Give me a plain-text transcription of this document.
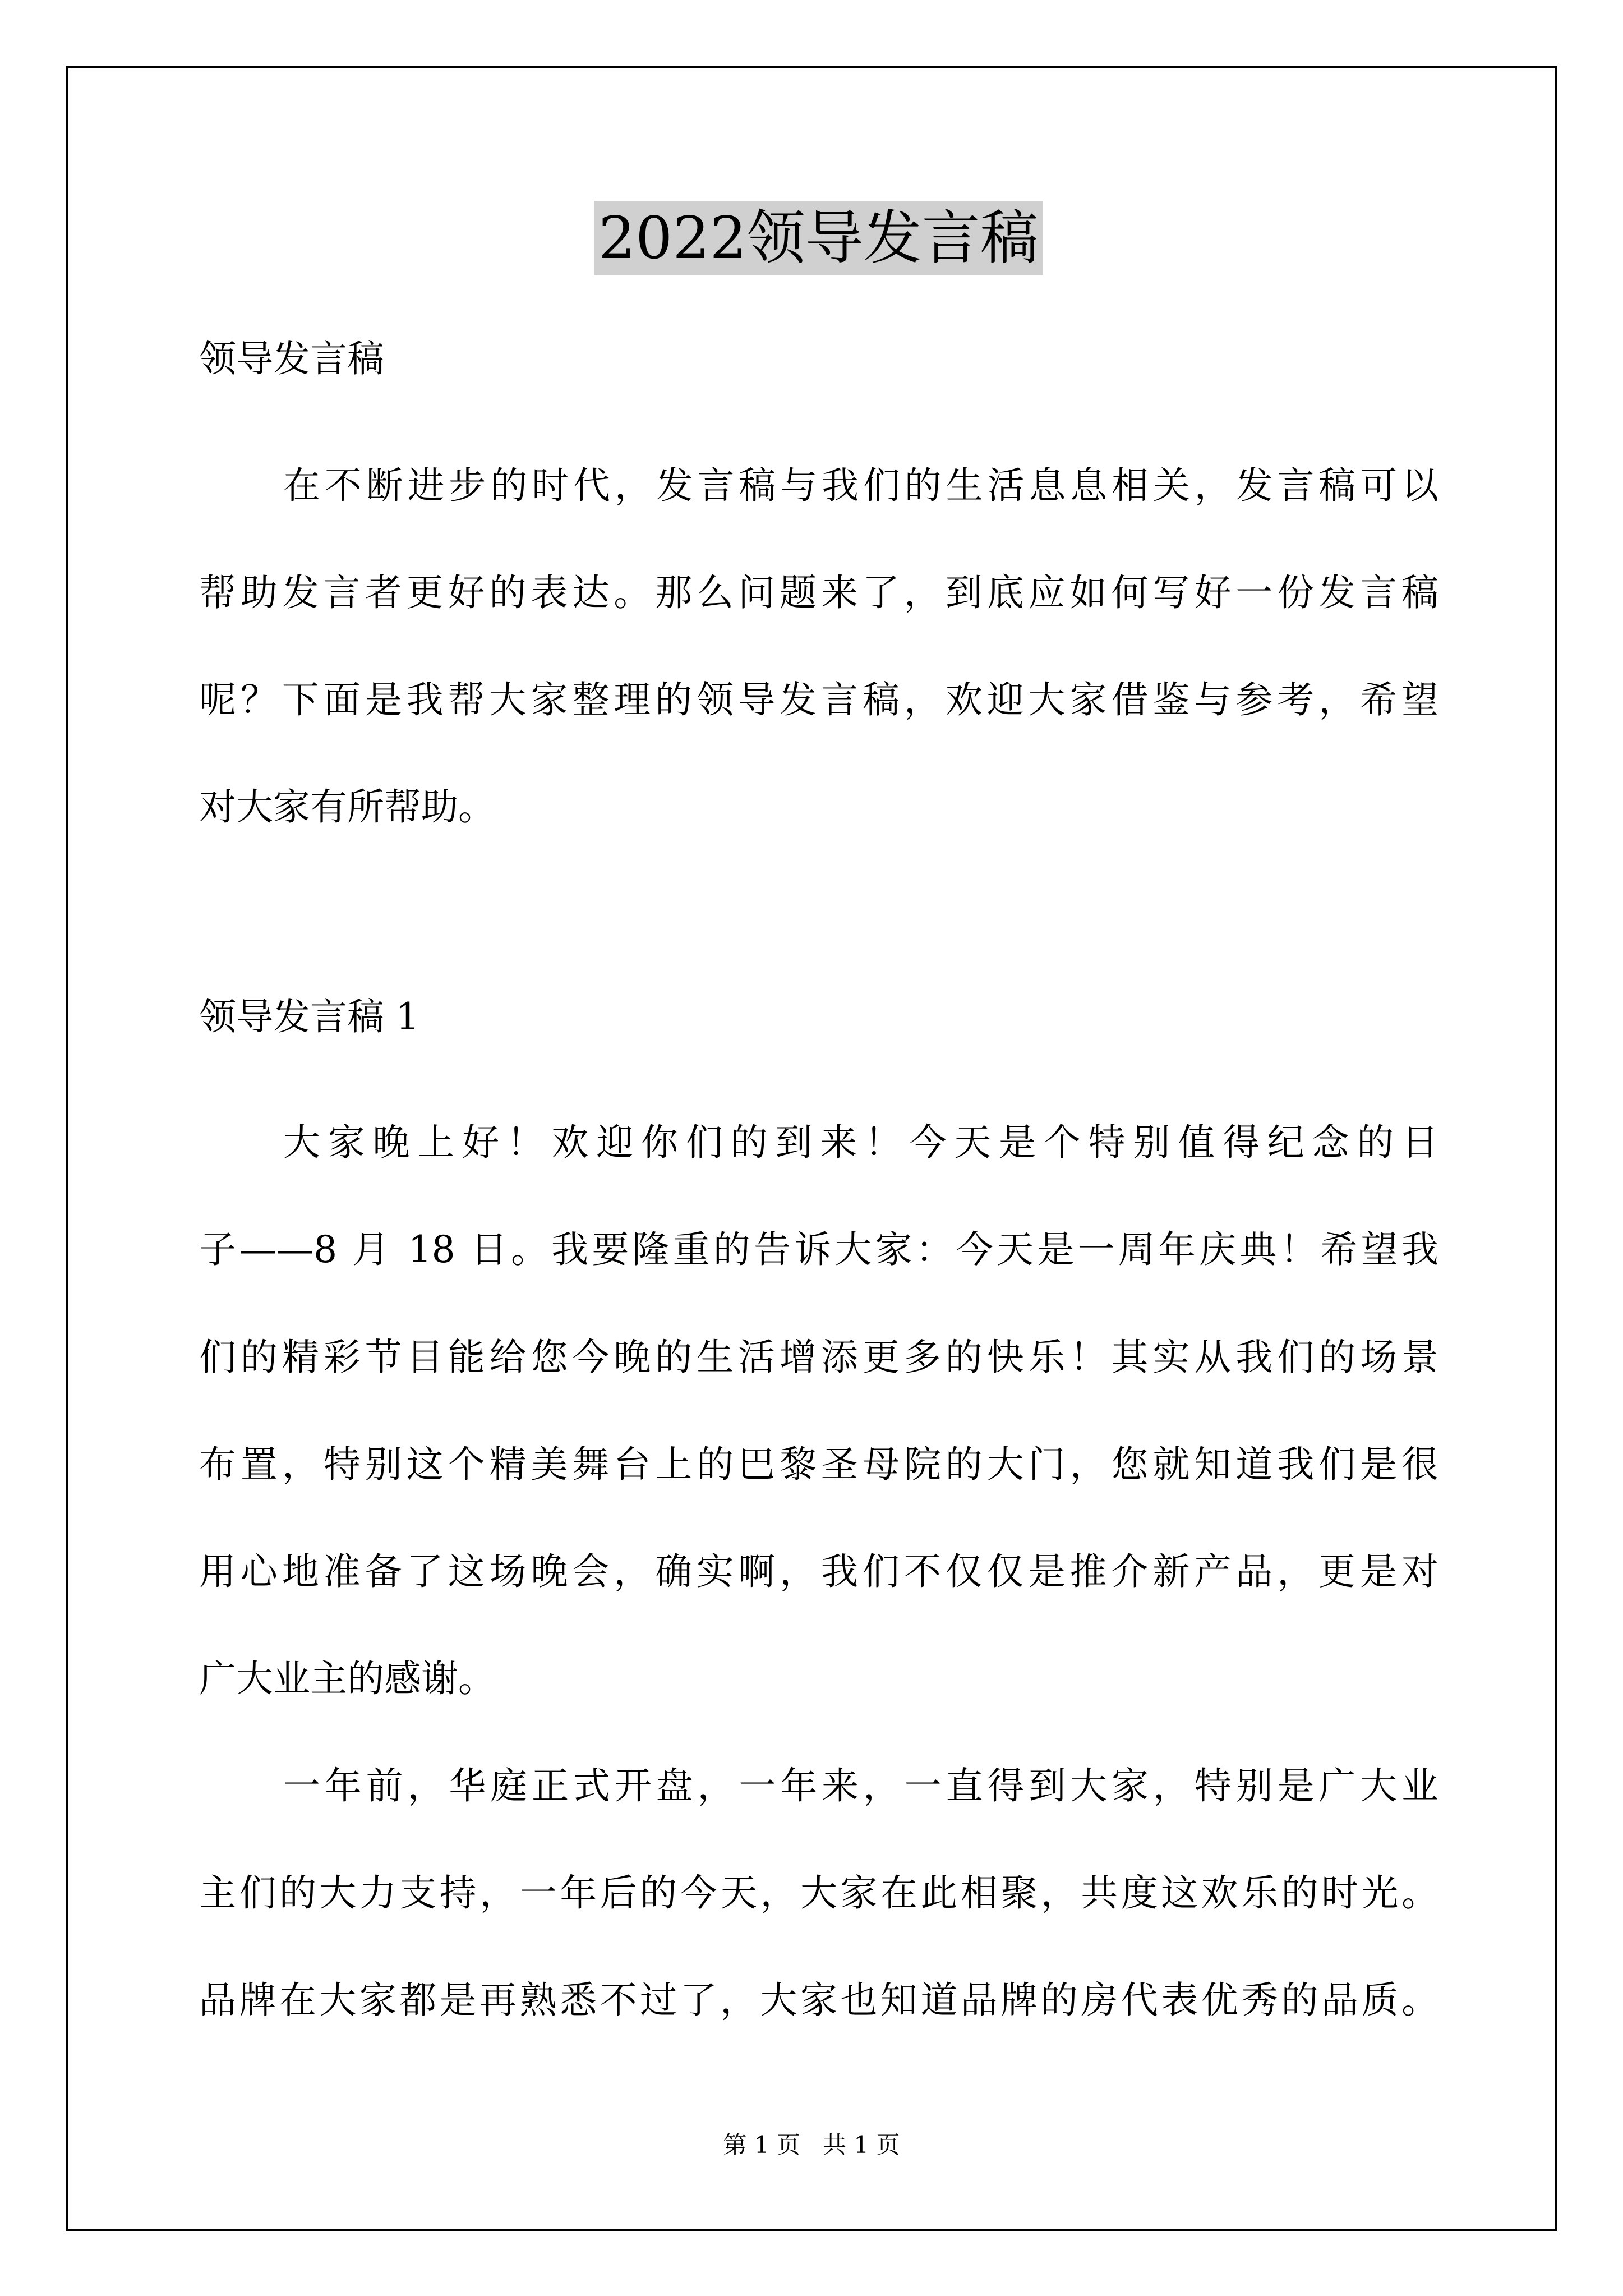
2022领导发言稿
领导发言稿
在不断进步的时代，发言稿与我们的生活息息相关，发言稿可以
帮助发言者更好的表达。那么问题来了，到底应如何写好一份发言稿
呢？下面是我帮大家整理的领导发言稿，欢迎大家借鉴与参考，希望
对大家有所帮助。
领导发言稿 1
大家晚上好！欢迎你们的到来！今天是个特别值得纪念的日
子——8 月 18 日。我要隆重的告诉大家：今天是一周年庆典！希望我
们的精彩节目能给您今晚的生活增添更多的快乐！其实从我们的场景
布置，特别这个精美舞台上的巴黎圣母院的大门，您就知道我们是很
用心地准备了这场晚会，确实啊，我们不仅仅是推介新产品，更是对
广大业主的感谢。
一年前，华庭正式开盘，一年来，一直得到大家，特别是广大业
主们的大力支持，一年后的今天，大家在此相聚，共度这欢乐的时光。
品牌在大家都是再熟悉不过了，大家也知道品牌的房代表优秀的品质。
第 1 页   共 1 页
